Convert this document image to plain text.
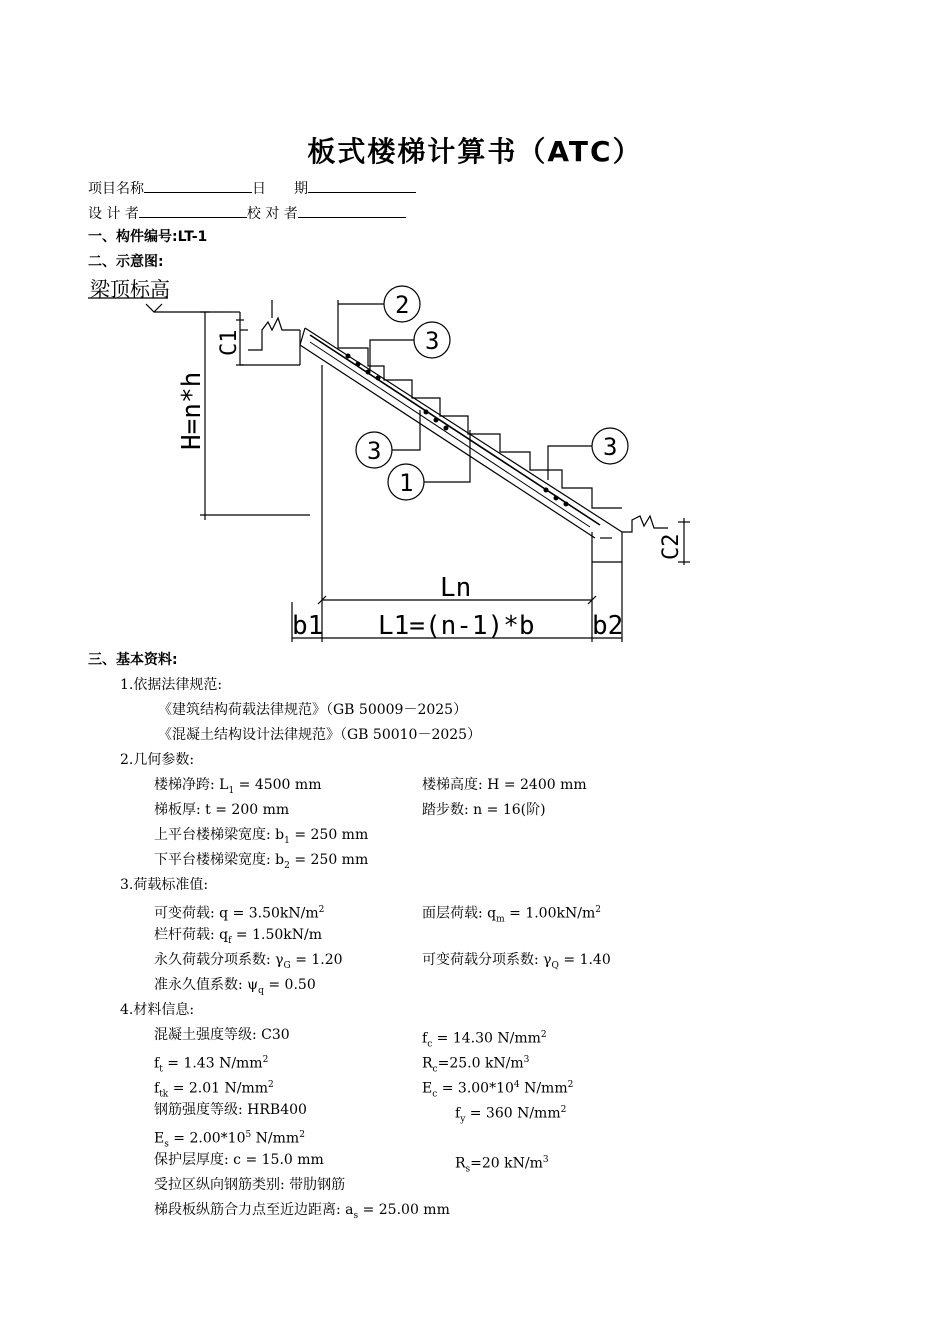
板式楼梯计算书（ATC）
项目名称	日　　期
设 计 者	校 对 者
一、构件编号:LT-1
二、示意图:
梁顶标高
H=n*h
C1
C2
Ln
b1 L1=(n-1)*b b2
2
3
3
1
3
三、基本资料:
1.依据法律规范:
《建筑结构荷载法律规范》（GB 50009－2025）
《混凝土结构设计法律规范》（GB 50010－2025）
2.几何参数:
楼梯净跨: $L_1 = 4500$ mm	楼梯高度: H = 2400 mm
梯板厚: t = 200 mm	踏步数: n = 16(阶)
上平台楼梯梁宽度: $b_1 = 250$ mm
下平台楼梯梁宽度: $b_2 = 250$ mm
3.荷载标准值:
可变荷载: $q = 3.50kN/m^2$	面层荷载: $q_m = 1.00kN/m^2$
栏杆荷载: $q_f = 1.50kN/m$
永久荷载分项系数: $\gamma_G = 1.20$	可变荷载分项系数: $\gamma_Q = 1.40$
准永久值系数: $\psi_q = 0.50$
4.材料信息:
混凝土强度等级: C30	$f_c = 14.30$ $N/mm^2$
$f_t = 1.43$ $N/mm^2$	$R_c=25.0$ $kN/m^3$
$f_{tk} = 2.01$ $N/mm^2$	$E_c = 3.00*10^4$ $N/mm^2$
钢筋强度等级: HRB400	$f_y = 360$ $N/mm^2$
$E_s = 2.00*10^5$ $N/mm^2$
保护层厚度: c = 15.0 mm	$R_s=20$ $kN/m^3$
受拉区纵向钢筋类别: 带肋钢筋
梯段板纵筋合力点至近边距离: $a_s = 25.00$ mm
